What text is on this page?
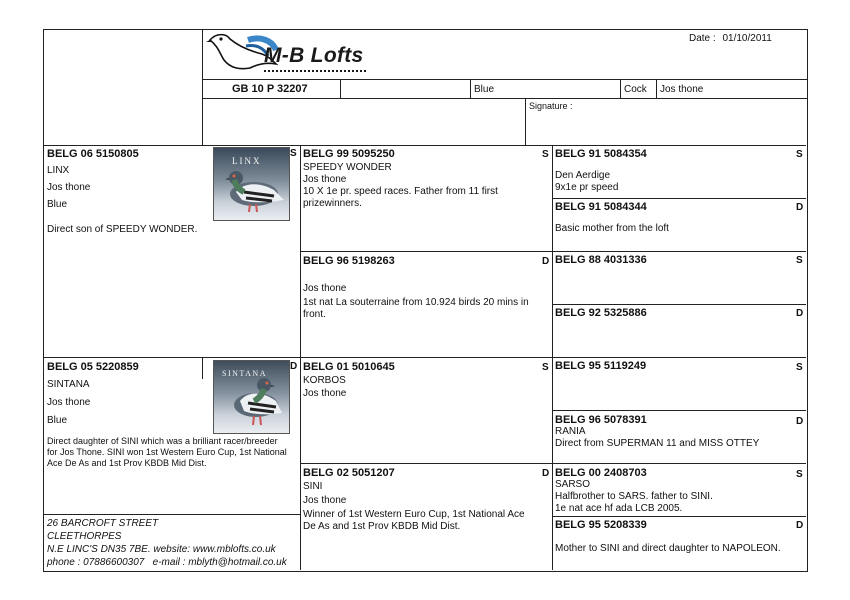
M-B Lofts
Date : 01/10/2011
GB 10 P 32207	Blue	Cock Jos thone
Signature :
BELG 06 5150805
LINX
Jos thone
Blue
Direct son of SPEEDY WONDER.
S
LINX
BELG 05 5220859
SINTANA
Jos thone
Blue
Direct daughter of SINI which was a brilliant racer/breeder for Jos Thone. SINI won 1st Western Euro Cup, 1st National Ace De As and 1st Prov KBDB Mid Dist.
D
SINTANA
26 BARCROFT STREET
CLEETHORPES
N.E LINC'S DN35 7BE. website: www.mblofts.co.uk
phone : 07886600307   e-mail : mblyth@hotmail.co.uk
BELG 99 5095250
SPEEDY WONDER
Jos thone
10 X 1e pr. speed races. Father from 11 first prizewinners.
S
BELG 96 5198263
Jos thone
1st nat La souterraine from 10.924 birds 20 mins in front.
D
BELG 01 5010645
KORBOS
Jos thone
S
BELG 02 5051207
SINI
Jos thone
Winner of 1st Western Euro Cup, 1st National Ace De As and 1st Prov KBDB Mid Dist.
D
BELG 91 5084354
Den Aerdige
9x1e pr speed
S
BELG 91 5084344
Basic mother from the loft
D
BELG 88 4031336	S
BELG 92 5325886	D
BELG 95 5119249	S
BELG 96 5078391
RANIA
Direct from SUPERMAN 11 and MISS OTTEY
D
BELG 00 2408703
SARSO
Halfbrother to SARS. father to SINI.
1e nat ace hf ada LCB 2005.
S
BELG 95 5208339
Mother to SINI and direct daughter to NAPOLEON.
D
